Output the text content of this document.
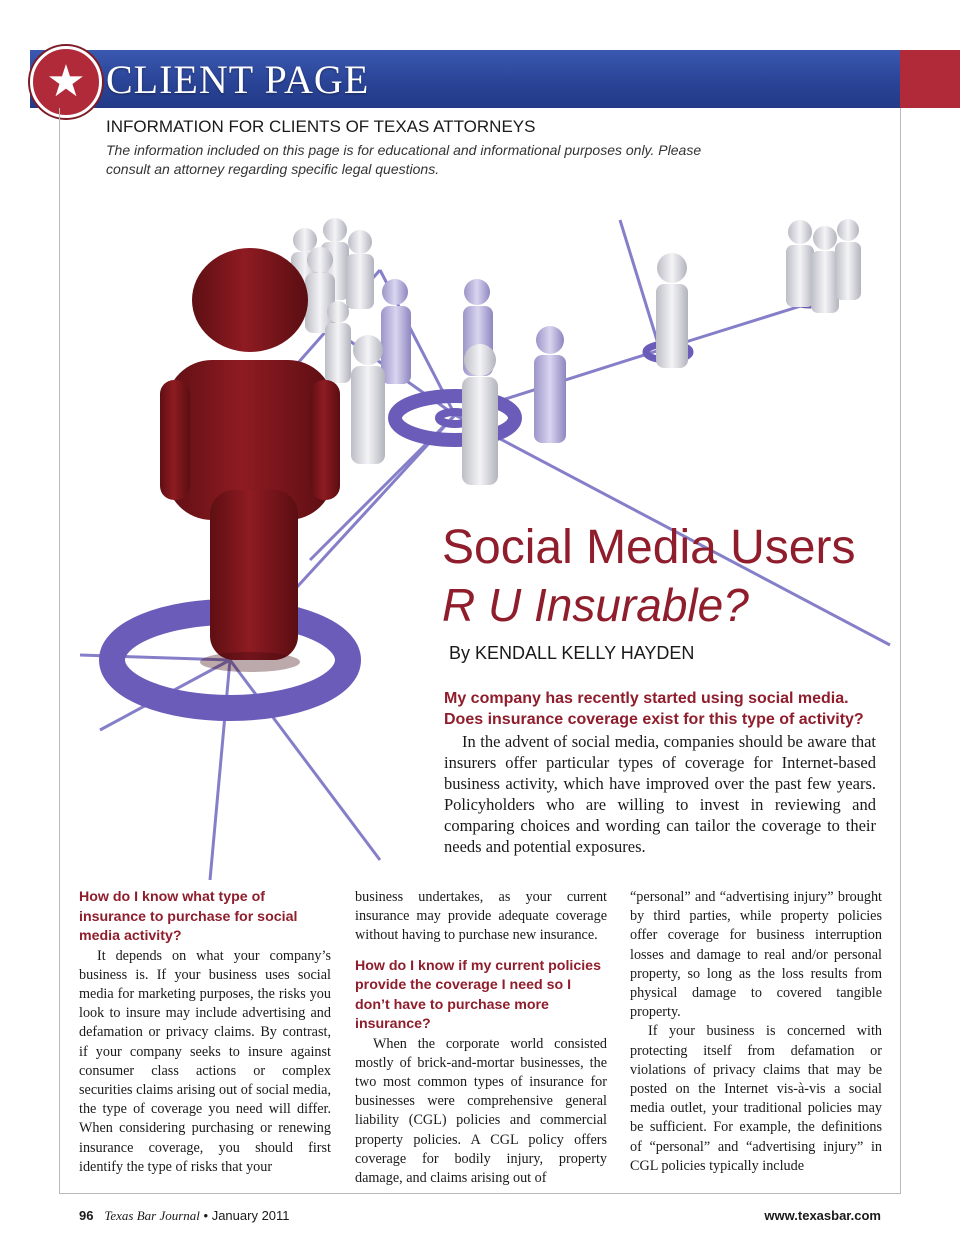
★ CLIENT PAGE
INFORMATION FOR CLIENTS OF TEXAS ATTORNEYS
The information included on this page is for educational and informational purposes only. Please consult an attorney regarding specific legal questions.
Social Media Users
R U Insurable?
By KENDALL KELLY HAYDEN
My company has recently started using social media. Does insurance coverage exist for this type of activity?

In the advent of social media, companies should be aware that insurers offer particular types of coverage for Internet-based business activity, which have improved over the past few years. Policyholders who are willing to invest in reviewing and comparing choices and wording can tailor the coverage to their needs and potential exposures.

How do I know what type of insurance to purchase for social media activity?

It depends on what your company’s business is. If your business uses social media for marketing purposes, the risks you look to insure may include advertising and defamation or privacy claims. By contrast, if your company seeks to insure against consumer class actions or complex securities claims arising out of social media, the type of coverage you need will differ. When considering purchasing or renewing insurance coverage, you should first identify the type of risks that your

business undertakes, as your current insurance may provide adequate coverage without having to purchase new insurance.

How do I know if my current policies provide the coverage I need so I don’t have to purchase more insurance?

When the corporate world consisted mostly of brick-and-mortar businesses, the two most common types of insurance for businesses were comprehensive general liability (CGL) policies and commercial property policies. A CGL policy offers coverage for bodily injury, property damage, and claims arising out of

“personal” and “advertising injury” brought by third parties, while property policies offer coverage for business interruption losses and damage to real and/or personal property, so long as the loss results from physical damage to covered tangible property.

If your business is concerned with protecting itself from defamation or violations of privacy claims that may be posted on the Internet vis-à-vis a social media outlet, your traditional policies may be sufficient. For example, the definitions of “personal” and “advertising injury” in CGL policies typically include

96 Texas Bar Journal • January 2011	www.texasbar.com
